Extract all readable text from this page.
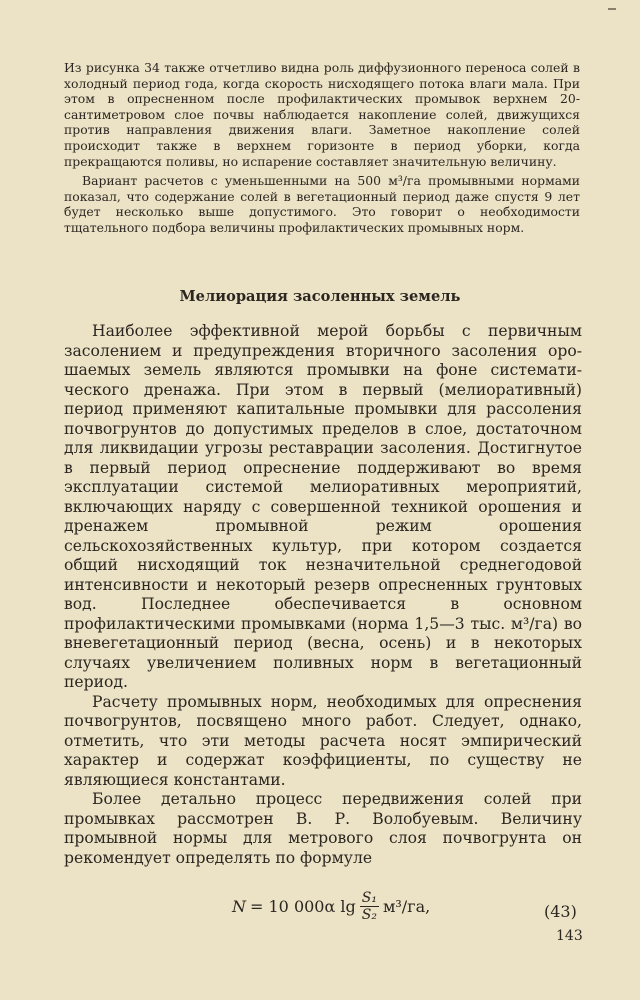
Из рисунка 34 также отчетливо видна роль диффузионного переноса солей в холодный период года, когда скорость нисходящего потока влаги мала. При этом в опресненном после профилактических промывок верхнем 20-сантиметровом слое почвы наблюдается накопление солей, движущихся против направления движения влаги. Заметное накопление солей происходит также в верхнем горизонте в период уборки, когда прекращаются поливы, но испарение составляет значительную величину.

Вариант расчетов с уменьшенными на 500 м³/га промывными нормами показал, что содержание солей в вегетационный период даже спустя 9 лет будет несколько выше допустимого. Это говорит о необходимости тщательного подбора величины профилактических промывных норм.

Мелиорация засоленных земель

Наиболее эффективной мерой борьбы с первичным засолением и предупреждения вторичного засоления орошаемых земель являются промывки на фоне систематического дренажа. При этом в первый (мелиоративный) период применяют капитальные промывки для рассоления почвогрунтов до допустимых пределов в слое, достаточном для ликвидации угрозы реставрации засоления. Достигнутое в первый период опреснение поддерживают во время эксплуатации системой мелиоративных мероприятий, включающих наряду с совершенной техникой орошения и дренажем промывной режим орошения сельскохозяйственных культур, при котором создается общий нисходящий ток незначительной среднегодовой интенсивности и некоторый резерв опресненных грунтовых вод. Последнее обеспечивается в основном профилактическими промывками (норма 1,5—3 тыс. м³/га) во вневегетационный период (весна, осень) и в некоторых случаях увеличением поливных норм в вегетационный период.

Расчету промывных норм, необходимых для опреснения почвогрунтов, посвящено много работ. Следует, однако, отметить, что эти методы расчета носят эмпирический характер и содержат коэффициенты, по существу не являющиеся константами.

Более детально процесс передвижения солей при промывках рассмотрен В. Р. Волобуевым. Величину промывной нормы для метрового слоя почвогрунта он рекомендует определять по формуле

N = 10 000α $\lg \frac{\text{S₁}}{\text{S₂}} м^3/га$,	(43)
143
